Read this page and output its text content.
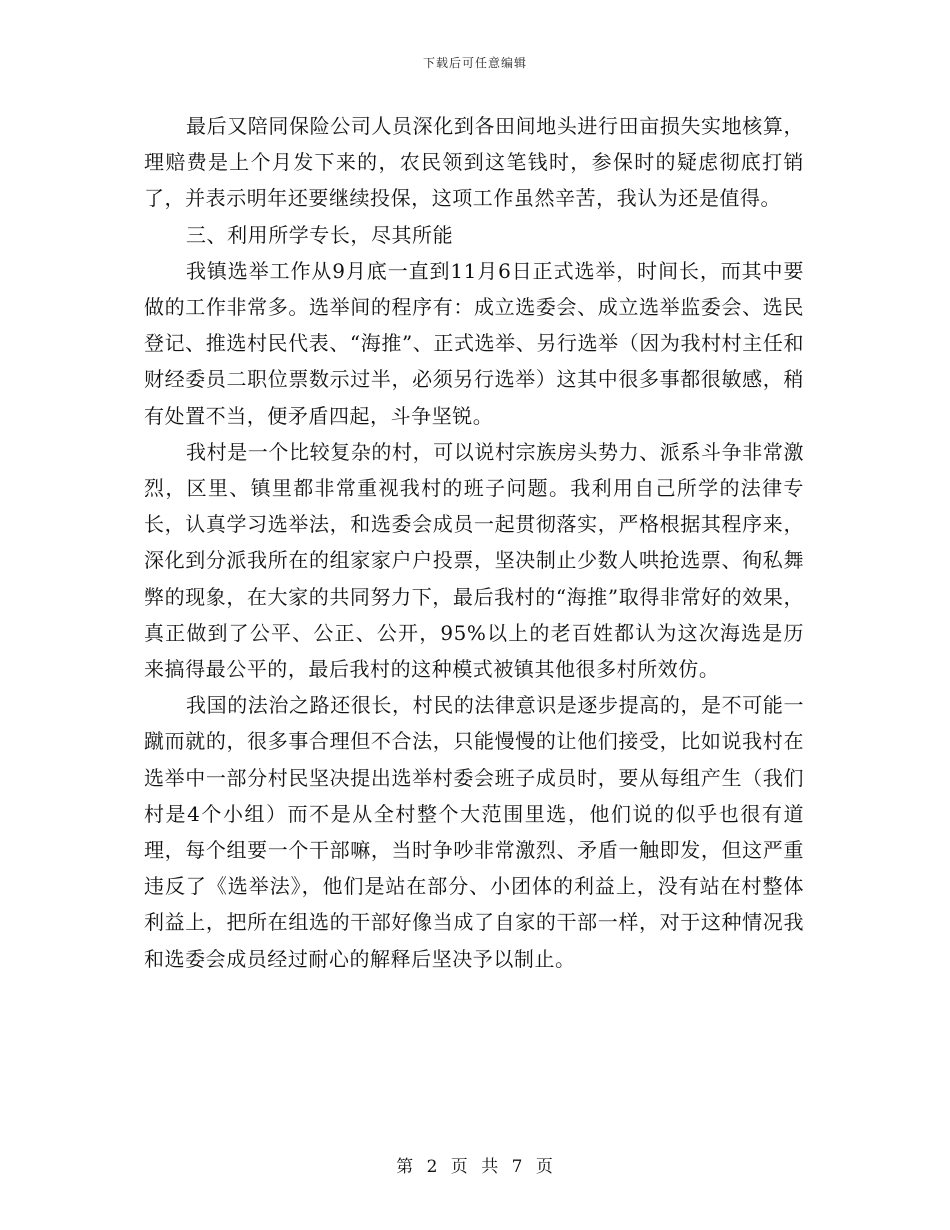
下载后可任意编辑

最后又陪同保险公司人员深化到各田间地头进行田亩损失实地核算，理赔费是上个月发下来的，农民领到这笔钱时，参保时的疑虑彻底打销了，并表示明年还要继续投保，这项工作虽然辛苦，我认为还是值得。

三、利用所学专长，尽其所能

我镇选举工作从9月底一直到11月6日正式选举，时间长，而其中要做的工作非常多。选举间的程序有：成立选委会、成立选举监委会、选民登记、推选村民代表、“海推”、正式选举、另行选举（因为我村村主任和财经委员二职位票数示过半，必须另行选举）这其中很多事都很敏感，稍有处置不当，便矛盾四起，斗争坚锐。

我村是一个比较复杂的村，可以说村宗族房头势力、派系斗争非常激烈，区里、镇里都非常重视我村的班子问题。我利用自己所学的法律专长，认真学习选举法，和选委会成员一起贯彻落实，严格根据其程序来，深化到分派我所在的组家家户户投票，坚决制止少数人哄抢选票、徇私舞弊的现象，在大家的共同努力下，最后我村的“海推”取得非常好的效果，真正做到了公平、公正、公开，95%以上的老百姓都认为这次海选是历来搞得最公平的，最后我村的这种模式被镇其他很多村所效仿。

我国的法治之路还很长，村民的法律意识是逐步提高的，是不可能一蹴而就的，很多事合理但不合法，只能慢慢的让他们接受，比如说我村在选举中一部分村民坚决提出选举村委会班子成员时，要从每组产生（我们村是4个小组）而不是从全村整个大范围里选，他们说的似乎也很有道理，每个组要一个干部嘛，当时争吵非常激烈、矛盾一触即发，但这严重违反了《选举法》，他们是站在部分、小团体的利益上，没有站在村整体利益上，把所在组选的干部好像当成了自家的干部一样，对于这种情况我和选委会成员经过耐心的解释后坚决予以制止。

第 2 页 共 7 页
